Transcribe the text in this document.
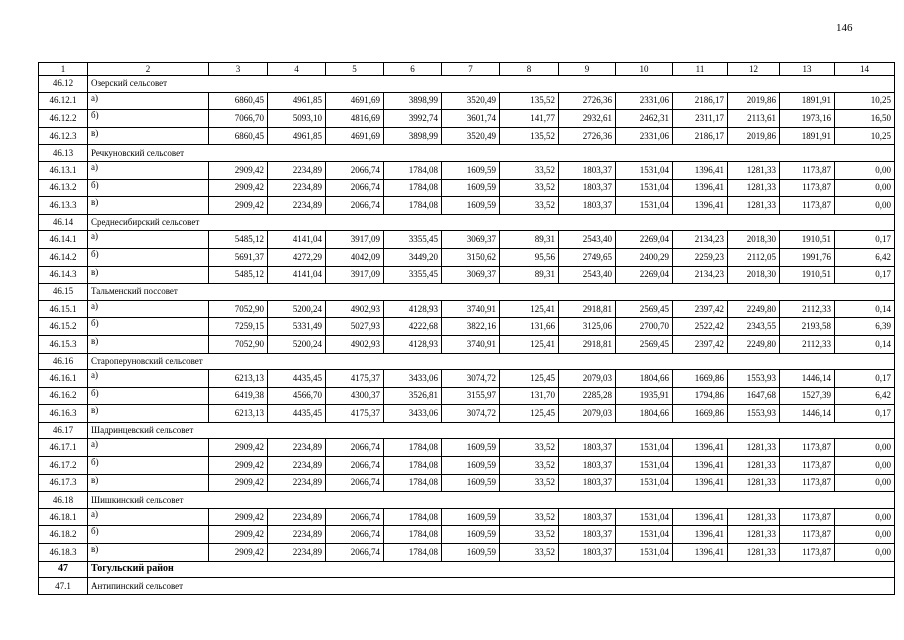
146
1	2	3	4	5	6	7	8	9	10	11	12	13	14
46.12	Озерский сельсовет												
46.12.1	а)	6860,45	4961,85	4691,69	3898,99	3520,49	135,52	2726,36	2331,06	2186,17	2019,86	1891,91	10,25
46.12.2	б)	7066,70	5093,10	4816,69	3992,74	3601,74	141,77	2932,61	2462,31	2311,17	2113,61	1973,16	16,50
46.12.3	в)	6860,45	4961,85	4691,69	3898,99	3520,49	135,52	2726,36	2331,06	2186,17	2019,86	1891,91	10,25
46.13	Речкуновский сельсовет												
46.13.1	а)	2909,42	2234,89	2066,74	1784,08	1609,59	33,52	1803,37	1531,04	1396,41	1281,33	1173,87	0,00
46.13.2	б)	2909,42	2234,89	2066,74	1784,08	1609,59	33,52	1803,37	1531,04	1396,41	1281,33	1173,87	0,00
46.13.3	в)	2909,42	2234,89	2066,74	1784,08	1609,59	33,52	1803,37	1531,04	1396,41	1281,33	1173,87	0,00
46.14	Среднесибирский сельсовет												
46.14.1	а)	5485,12	4141,04	3917,09	3355,45	3069,37	89,31	2543,40	2269,04	2134,23	2018,30	1910,51	0,17
46.14.2	б)	5691,37	4272,29	4042,09	3449,20	3150,62	95,56	2749,65	2400,29	2259,23	2112,05	1991,76	6,42
46.14.3	в)	5485,12	4141,04	3917,09	3355,45	3069,37	89,31	2543,40	2269,04	2134,23	2018,30	1910,51	0,17
46.15	Тальменский поссовет												
46.15.1	а)	7052,90	5200,24	4902,93	4128,93	3740,91	125,41	2918,81	2569,45	2397,42	2249,80	2112,33	0,14
46.15.2	б)	7259,15	5331,49	5027,93	4222,68	3822,16	131,66	3125,06	2700,70	2522,42	2343,55	2193,58	6,39
46.15.3	в)	7052,90	5200,24	4902,93	4128,93	3740,91	125,41	2918,81	2569,45	2397,42	2249,80	2112,33	0,14
46.16	Староперуновский сельсовет												
46.16.1	а)	6213,13	4435,45	4175,37	3433,06	3074,72	125,45	2079,03	1804,66	1669,86	1553,93	1446,14	0,17
46.16.2	б)	6419,38	4566,70	4300,37	3526,81	3155,97	131,70	2285,28	1935,91	1794,86	1647,68	1527,39	6,42
46.16.3	в)	6213,13	4435,45	4175,37	3433,06	3074,72	125,45	2079,03	1804,66	1669,86	1553,93	1446,14	0,17
46.17	Шадринцевский сельсовет												
46.17.1	а)	2909,42	2234,89	2066,74	1784,08	1609,59	33,52	1803,37	1531,04	1396,41	1281,33	1173,87	0,00
46.17.2	б)	2909,42	2234,89	2066,74	1784,08	1609,59	33,52	1803,37	1531,04	1396,41	1281,33	1173,87	0,00
46.17.3	в)	2909,42	2234,89	2066,74	1784,08	1609,59	33,52	1803,37	1531,04	1396,41	1281,33	1173,87	0,00
46.18	Шишкинский сельсовет												
46.18.1	а)	2909,42	2234,89	2066,74	1784,08	1609,59	33,52	1803,37	1531,04	1396,41	1281,33	1173,87	0,00
46.18.2	б)	2909,42	2234,89	2066,74	1784,08	1609,59	33,52	1803,37	1531,04	1396,41	1281,33	1173,87	0,00
46.18.3	в)	2909,42	2234,89	2066,74	1784,08	1609,59	33,52	1803,37	1531,04	1396,41	1281,33	1173,87	0,00
47	Тогульский район												
47.1	Антипинский сельсовет												
